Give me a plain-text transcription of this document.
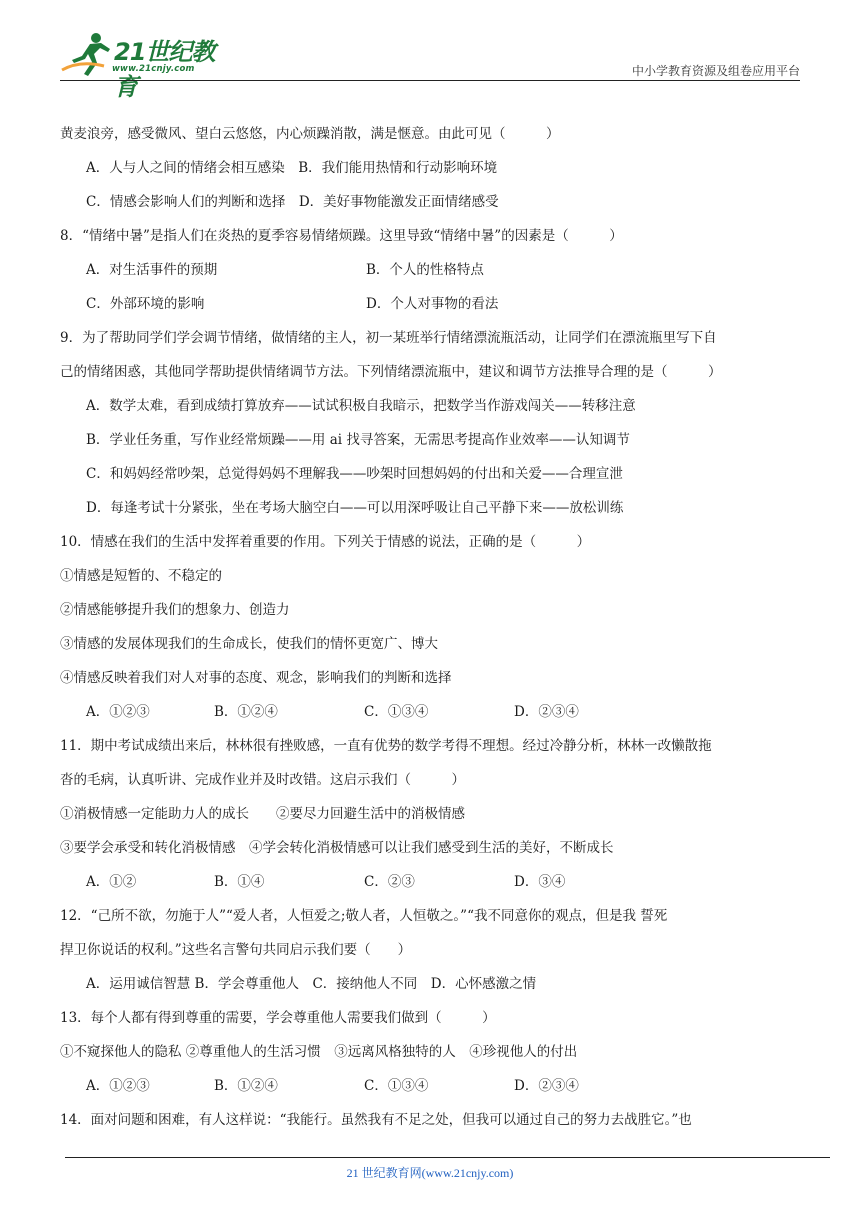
21世纪教育
www.21cnjy.com	中小学教育资源及组卷应用平台
黄麦浪旁，感受微风、望白云悠悠，内心烦躁消散，满是惬意。由此可见（　　　）
A．人与人之间的情绪会相互感染　B．我们能用热情和行动影响环境
C．情感会影响人们的判断和选择　D．美好事物能激发正面情绪感受
8．“情绪中暑”是指人们在炎热的夏季容易情绪烦躁。这里导致“情绪中暑”的因素是（　　　）
A．对生活事件的预期	B．个人的性格特点
C．外部环境的影响	D．个人对事物的看法
9．为了帮助同学们学会调节情绪，做情绪的主人，初一某班举行情绪漂流瓶活动，让同学们在漂流瓶里写下自
己的情绪困惑，其他同学帮助提供情绪调节方法。下列情绪漂流瓶中，建议和调节方法推导合理的是（　　　）
A．数学太难，看到成绩打算放弃——试试积极自我暗示，把数学当作游戏闯关——转移注意
B．学业任务重，写作业经常烦躁——用 ai 找寻答案，无需思考提高作业效率——认知调节
C．和妈妈经常吵架，总觉得妈妈不理解我——吵架时回想妈妈的付出和关爱——合理宣泄
D．每逢考试十分紧张，坐在考场大脑空白——可以用深呼吸让自己平静下来——放松训练
10．情感在我们的生活中发挥着重要的作用。下列关于情感的说法，正确的是（　　　）
①情感是短暂的、不稳定的
②情感能够提升我们的想象力、创造力
③情感的发展体现我们的生命成长，使我们的情怀更宽广、博大
④情感反映着我们对人对事的态度、观念，影响我们的判断和选择
A．①②③	B．①②④	C．①③④	D．②③④
11．期中考试成绩出来后，林林很有挫败感，一直有优势的数学考得不理想。经过冷静分析，林林一改懒散拖
沓的毛病，认真听讲、完成作业并及时改错。这启示我们（　　　）
①消极情感一定能助力人的成长　　②要尽力回避生活中的消极情感
③要学会承受和转化消极情感　④学会转化消极情感可以让我们感受到生活的美好，不断成长
A．①②	B．①④	C．②③	D．③④
12．“己所不欲，勿施于人”“爱人者，人恒爱之;敬人者，人恒敬之。”“我不同意你的观点，但是我 誓死
捍卫你说话的权利。”这些名言警句共同启示我们要（　　）
A．运用诚信智慧 B．学会尊重他人　C．接纳他人不同　D．心怀感激之情
13．每个人都有得到尊重的需要，学会尊重他人需要我们做到（　　　）
①不窥探他人的隐私 ②尊重他人的生活习惯　③远离风格独特的人　④珍视他人的付出
A．①②③	B．①②④	C．①③④	D．②③④
14．面对问题和困难，有人这样说：“我能行。虽然我有不足之处，但我可以通过自己的努力去战胜它。”也
21 世纪教育网(www.21cnjy.com)
